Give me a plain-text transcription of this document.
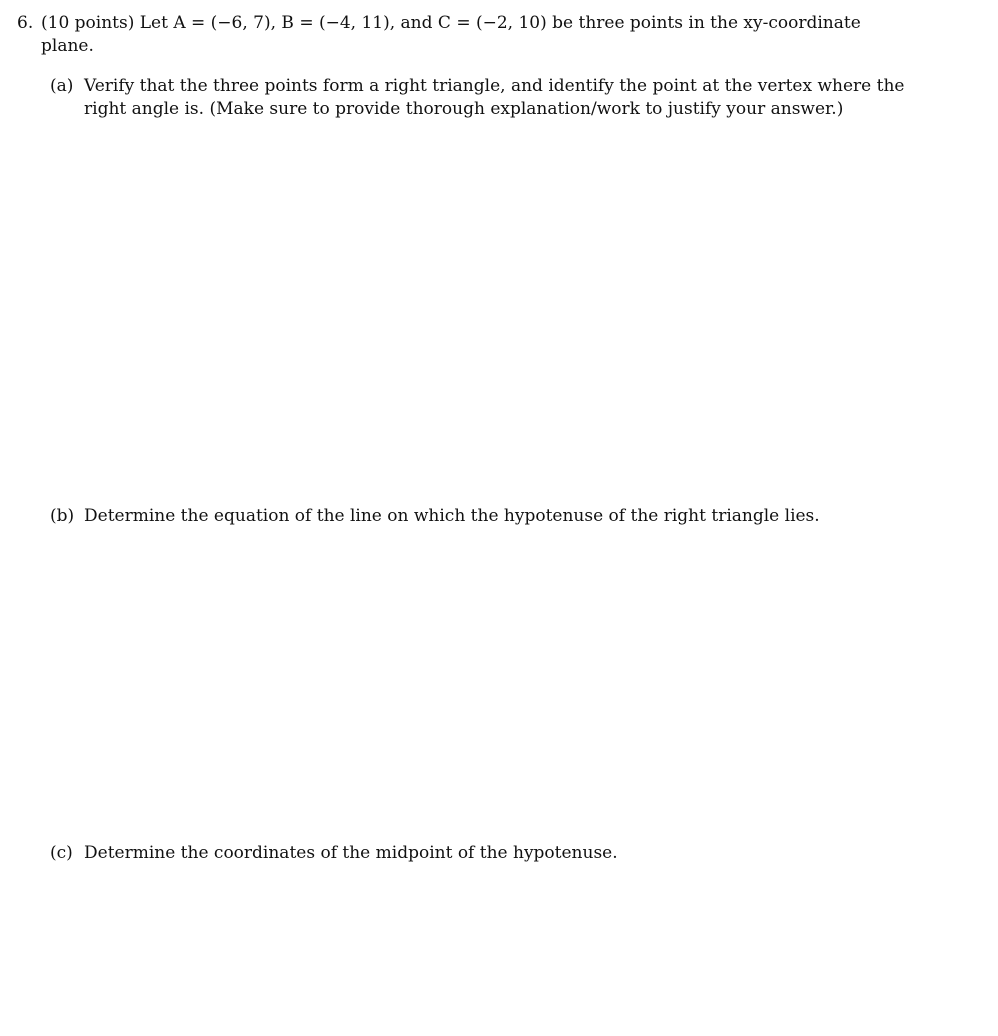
6. (10 points) Let A = (−6, 7), B = (−4, 11), and C = (−2, 10) be three points in the xy-coordinate
plane.
(a) Verify that the three points form a right triangle, and identify the point at the vertex where the right angle is. (Make sure to provide thorough explanation/work to justify your answer.)
(b) Determine the equation of the line on which the hypotenuse of the right triangle lies.
(c) Determine the coordinates of the midpoint of the hypotenuse.
